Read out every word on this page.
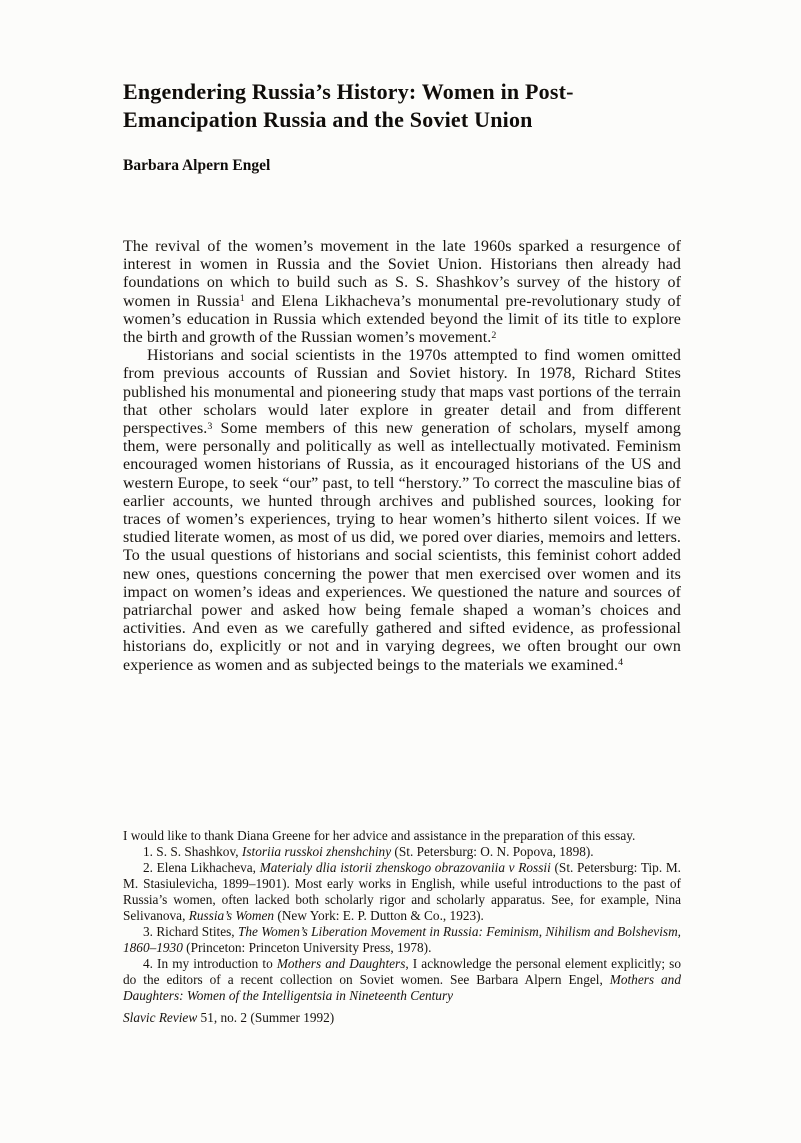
Engendering Russia’s History: Women in Post-
Emancipation Russia and the Soviet Union
Barbara Alpern Engel

The revival of the women’s movement in the late 1960s sparked a resurgence of interest in women in Russia and the Soviet Union. Historians then already had foundations on which to build such as S. S. Shashkov’s survey of the history of women in Russia$^1$ and Elena Likhacheva’s monumental pre-revolutionary study of women’s education in Russia which extended beyond the limit of its title to explore the birth and growth of the Russian women’s movement.$^2$

Historians and social scientists in the 1970s attempted to find women omitted from previous accounts of Russian and Soviet history. In 1978, Richard Stites published his monumental and pioneering study that maps vast portions of the terrain that other scholars would later explore in greater detail and from different perspectives.$^3$ Some members of this new generation of scholars, myself among them, were personally and politically as well as intellectually motivated. Feminism encouraged women historians of Russia, as it encouraged historians of the US and western Europe, to seek “our” past, to tell “herstory.” To correct the masculine bias of earlier accounts, we hunted through archives and published sources, looking for traces of women’s experiences, trying to hear women’s hitherto silent voices. If we studied literate women, as most of us did, we pored over diaries, memoirs and letters. To the usual questions of historians and social scientists, this feminist cohort added new ones, questions concerning the power that men exercised over women and its impact on women’s ideas and experiences. We questioned the nature and sources of patriarchal power and asked how being female shaped a woman’s choices and activities. And even as we carefully gathered and sifted evidence, as professional historians do, explicitly or not and in varying degrees, we often brought our own experience as women and as subjected beings to the materials we examined.$^4$

I would like to thank Diana Greene for her advice and assistance in the preparation of this essay.

1. S. S. Shashkov, Istoriia russkoi zhenshchiny (St. Petersburg: O. N. Popova, 1898).

2. Elena Likhacheva, Materialy dlia istorii zhenskogo obrazovaniia v Rossii (St. Petersburg: Tip. M. M. Stasiulevicha, 1899–1901). Most early works in English, while useful introductions to the past of Russia’s women, often lacked both scholarly rigor and scholarly apparatus. See, for example, Nina Selivanova, Russia’s Women (New York: E. P. Dutton & Co., 1923).

3. Richard Stites, The Women’s Liberation Movement in Russia: Feminism, Nihilism and Bolshevism, 1860–1930 (Princeton: Princeton University Press, 1978).

4. In my introduction to Mothers and Daughters, I acknowledge the personal element explicitly; so do the editors of a recent collection on Soviet women. See Barbara Alpern Engel, Mothers and Daughters: Women of the Intelligentsia in Nineteenth Century

Slavic Review 51, no. 2 (Summer 1992)
